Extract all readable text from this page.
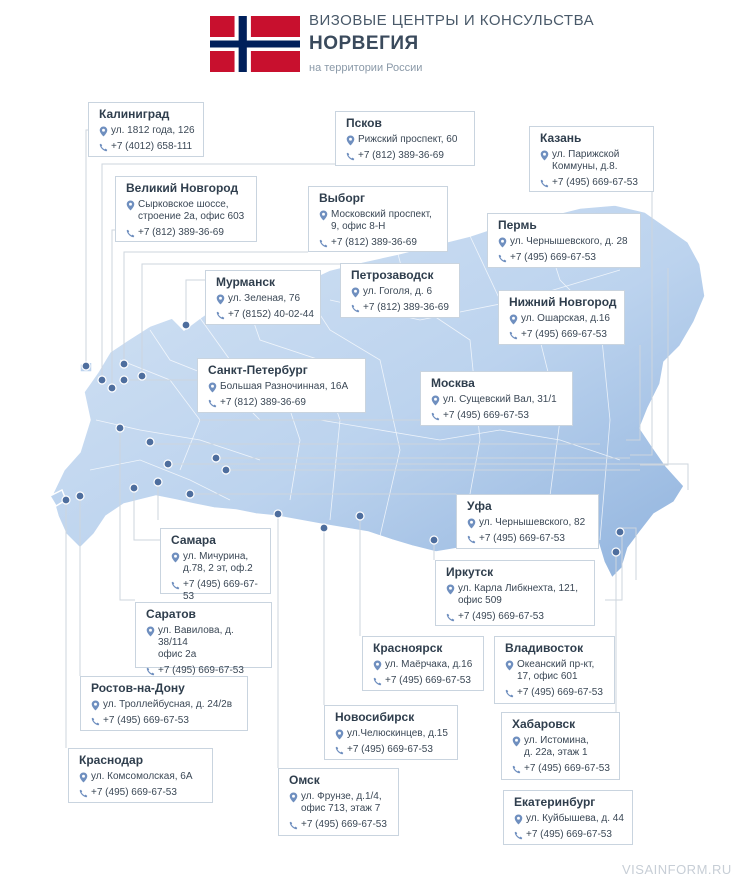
ВИЗОВЫЕ ЦЕНТРЫ И КОНСУЛЬСТВА
НОРВЕГИЯ
на территории России
Калиниград
ул. 1812 года, 126
+7 (4012) 658-111
Псков
Рижский проспект, 60
+7 (812) 389-36-69
Казань
ул. Парижской
Коммуны, д.8.
+7 (495) 669-67-53
Великий Новгород
Сырковское шоссе,
строение 2а, офис 603
+7 (812) 389-36-69
Выборг
Московский проспект,
9, офис 8-Н
+7 (812) 389-36-69
Пермь
ул. Чернышевского, д. 28
+7 (495) 669-67-53
Мурманск
ул. Зеленая, 76
+7 (8152) 40-02-44
Петрозаводск
ул. Гоголя, д. 6
+7 (812) 389-36-69	Нижний Новгород
ул. Ошарская, д.16
+7 (495) 669-67-53
Санкт-Петербург
Большая Разночинная, 16А
+7 (812) 389-36-69
Москва
ул. Сущевский Вал, 31/1
+7 (495) 669-67-53
Уфа
ул. Чернышевского, 82
+7 (495) 669-67-53
Самара
ул. Мичурина,
д.78, 2 эт, оф.2
+7 (495) 669-67-53
Иркутск
ул. Карла Либкнехта, 121,
офис 509
+7 (495) 669-67-53
Саратов
ул. Вавилова, д. 38/114
офис 2а
+7 (495) 669-67-53
Красноярск
ул. Маёрчака, д.16
+7 (495) 669-67-53
Владивосток
Океанский пр-кт,
17, офис 601
+7 (495) 669-67-53
Ростов-на-Дону
ул. Троллейбусная, д. 24/2в
+7 (495) 669-67-53	Новосибирск
ул.Челюскинцев, д.15
+7 (495) 669-67-53
Хабаровск
ул. Истомина,
д. 22а, этаж 1
+7 (495) 669-67-53
Краснодар
ул. Комсомолская, 6А
+7 (495) 669-67-53
Омск
ул. Фрунзе, д.1/4,
офис 713, этаж 7
+7 (495) 669-67-53
Екатеринбург
ул. Куйбышева, д. 44
+7 (495) 669-67-53
VISAINFORM.RU
